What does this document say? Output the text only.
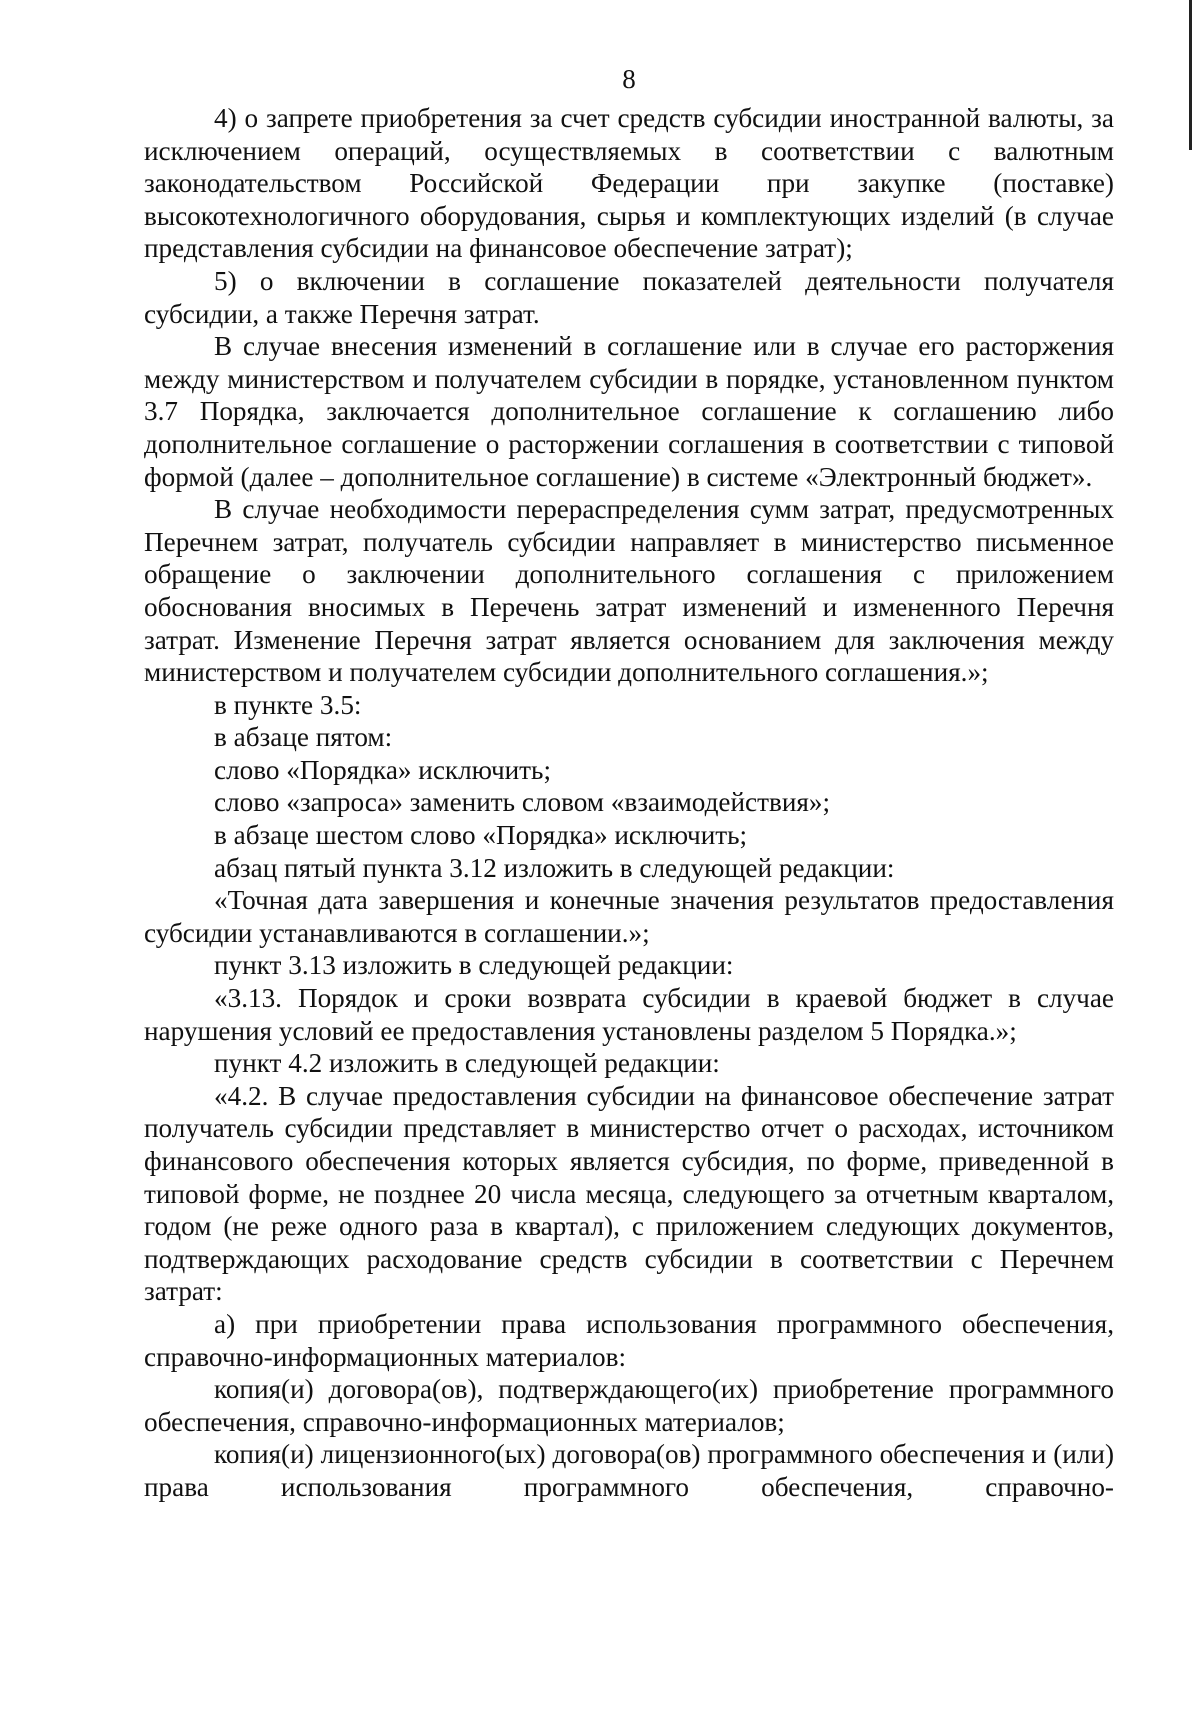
8

4) о запрете приобретения за счет средств субсидии иностранной валюты, за исключением операций, осуществляемых в соответствии с валютным законодательством Российской Федерации при закупке (поставке) высокотехнологичного оборудования, сырья и комплектующих изделий (в случае представления субсидии на финансовое обеспечение затрат);

5) о включении в соглашение показателей деятельности получателя субсидии, а также Перечня затрат.

В случае внесения изменений в соглашение или в случае его расторжения между министерством и получателем субсидии в порядке, установленном пунктом 3.7 Порядка, заключается дополнительное соглашение к соглашению либо дополнительное соглашение о расторжении соглашения в соответствии с типовой формой (далее – дополнительное соглашение) в системе «Электронный бюджет».

В случае необходимости перераспределения сумм затрат, предусмотренных Перечнем затрат, получатель субсидии направляет в министерство письменное обращение о заключении дополнительного соглашения с приложением обоснования вносимых в Перечень затрат изменений и измененного Перечня затрат. Изменение Перечня затрат является основанием для заключения между министерством и получателем субсидии дополнительного соглашения.»;

в пункте 3.5:

в абзаце пятом:

слово «Порядка» исключить;

слово «запроса» заменить словом «взаимодействия»;

в абзаце шестом слово «Порядка» исключить;

абзац пятый пункта 3.12 изложить в следующей редакции:

«Точная дата завершения и конечные значения результатов предоставления субсидии устанавливаются в соглашении.»;

пункт 3.13 изложить в следующей редакции:

«3.13. Порядок и сроки возврата субсидии в краевой бюджет в случае нарушения условий ее предоставления установлены разделом 5 Порядка.»;

пункт 4.2 изложить в следующей редакции:

«4.2. В случае предоставления субсидии на финансовое обеспечение затрат получатель субсидии представляет в министерство отчет о расходах, источником финансового обеспечения которых является субсидия, по форме, приведенной в типовой форме, не позднее 20 числа месяца, следующего за отчетным кварталом, годом (не реже одного раза в квартал), с приложением следующих документов, подтверждающих расходование средств субсидии в соответствии с Перечнем затрат:

а) при приобретении права использования программного обеспечения, справочно-информационных материалов:

копия(и) договора(ов), подтверждающего(их) приобретение программного обеспечения, справочно-информационных материалов;

копия(и) лицензионного(ых) договора(ов) программного обеспечения и (или) права использования программного обеспечения, справочно-
